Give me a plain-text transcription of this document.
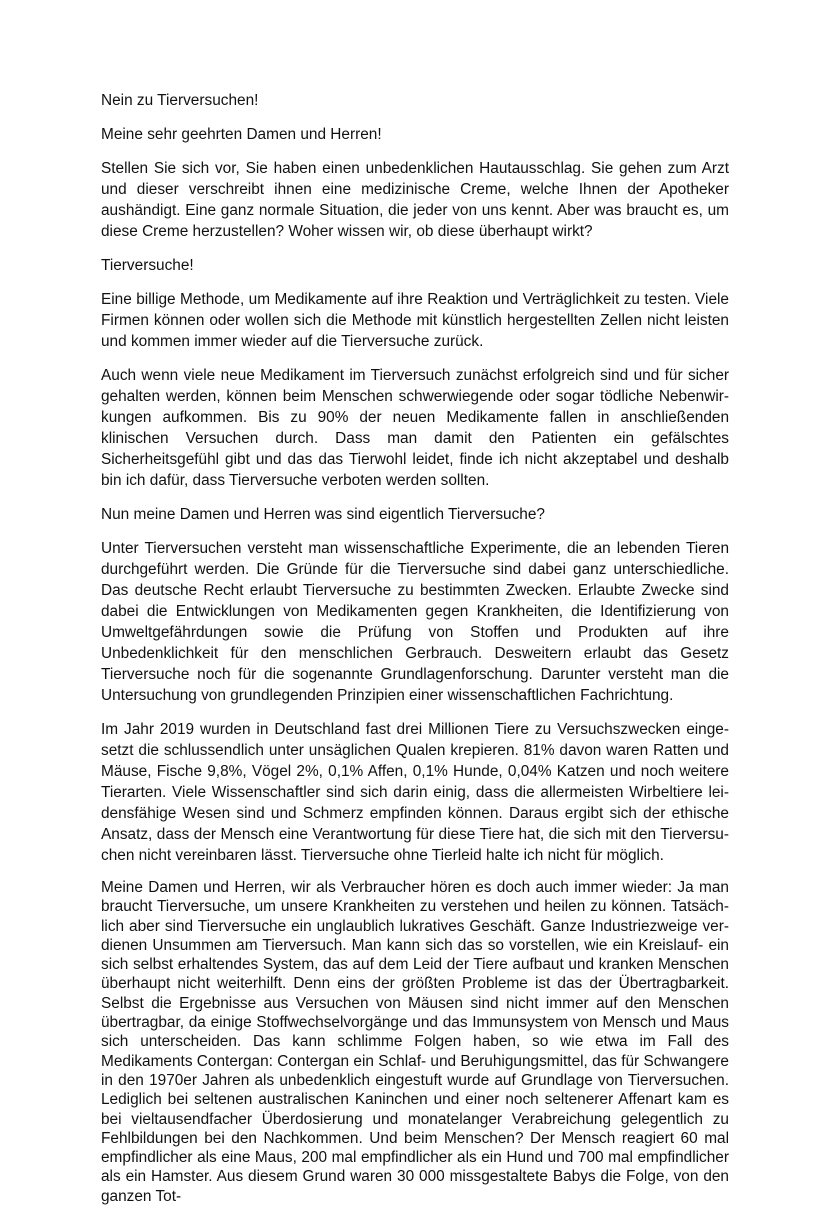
Nein zu Tierversuchen!

Meine sehr geehrten Damen und Herren!

Stellen Sie sich vor, Sie haben einen unbedenklichen Hautausschlag. Sie gehen zum Arzt und dieser verschreibt ihnen eine medizinische Creme, welche Ihnen der Apotheker aushändigt. Eine ganz normale Situation, die jeder von uns kennt. Aber was braucht es, um diese Creme herzustellen? Woher wissen wir, ob diese überhaupt wirkt?

Tierversuche!

Eine billige Methode, um Medikamente auf ihre Reaktion und Verträglichkeit zu testen. Viele Firmen können oder wollen sich die Methode mit künstlich hergestellten Zellen nicht leisten und kommen immer wieder auf die Tierversuche zurück.

Auch wenn viele neue Medikament im Tierversuch zunächst erfolgreich sind und für sicher gehalten werden, können beim Menschen schwerwiegende oder sogar tödliche Nebenwirkungen aufkommen. Bis zu 90% der neuen Medikamente fallen in anschließenden klinischen Versuchen durch. Dass man damit den Patienten ein gefälschtes Sicherheitsgefühl gibt und das das Tierwohl leidet, finde ich nicht akzeptabel und deshalb bin ich dafür, dass Tierversuche verboten werden sollten.

Nun meine Damen und Herren was sind eigentlich Tierversuche?

Unter Tierversuchen versteht man wissenschaftliche Experimente, die an lebenden Tieren durchgeführt werden. Die Gründe für die Tierversuche sind dabei ganz unterschiedliche. Das deutsche Recht erlaubt Tierversuche zu bestimmten Zwecken. Erlaubte Zwecke sind dabei die Entwicklungen von Medikamenten gegen Krankheiten, die Identifizierung von Umweltgefährdungen sowie die Prüfung von Stoffen und Produkten auf ihre Unbedenklichkeit für den menschlichen Gerbrauch. Desweitern erlaubt das Gesetz Tierversuche noch für die sogenannte Grundlagenforschung. Darunter versteht man die Untersuchung von grundlegenden Prinzipien einer wissenschaftlichen Fachrichtung.

Im Jahr 2019 wurden in Deutschland fast drei Millionen Tiere zu Versuchszwecken eingesetzt die schlussendlich unter unsäglichen Qualen krepieren. 81% davon waren Ratten und Mäuse, Fische 9,8%, Vögel 2%, 0,1% Affen, 0,1% Hunde, 0,04% Katzen und noch weitere Tierarten. Viele Wissenschaftler sind sich darin einig, dass die allermeisten Wirbeltiere leidensfähige Wesen sind und Schmerz empfinden können. Daraus ergibt sich der ethische Ansatz, dass der Mensch eine Verantwortung für diese Tiere hat, die sich mit den Tierversuchen nicht vereinbaren lässt. Tierversuche ohne Tierleid halte ich nicht für möglich.

Meine Damen und Herren, wir als Verbraucher hören es doch auch immer wieder: Ja man braucht Tierversuche, um unsere Krankheiten zu verstehen und heilen zu können. Tatsächlich aber sind Tierversuche ein unglaublich lukratives Geschäft. Ganze Industriezweige verdienen Unsummen am Tierversuch. Man kann sich das so vorstellen, wie ein Kreislauf- ein sich selbst erhaltendes System, das auf dem Leid der Tiere aufbaut und kranken Menschen überhaupt nicht weiterhilft. Denn eins der größten Probleme ist das der Übertragbarkeit. Selbst die Ergebnisse aus Versuchen von Mäusen sind nicht immer auf den Menschen übertragbar, da einige Stoffwechselvorgänge und das Immunsystem von Mensch und Maus sich unterscheiden. Das kann schlimme Folgen haben, so wie etwa im Fall des Medikaments Contergan: Contergan ein Schlaf- und Beruhigungsmittel, das für Schwangere in den 1970er Jahren als unbedenklich eingestuft wurde auf Grundlage von Tierversuchen. Lediglich bei seltenen australischen Kaninchen und einer noch seltenerer Affenart kam es bei vieltausendfacher Überdosierung und monatelanger Verabreichung gelegentlich zu Fehlbildungen bei den Nachkommen. Und beim Menschen? Der Mensch reagiert 60 mal empfindlicher als eine Maus, 200 mal empfindlicher als ein Hund und 700 mal empfindlicher als ein Hamster. Aus diesem Grund waren 30 000 missgestaltete Babys die Folge, von den ganzen Tot-
